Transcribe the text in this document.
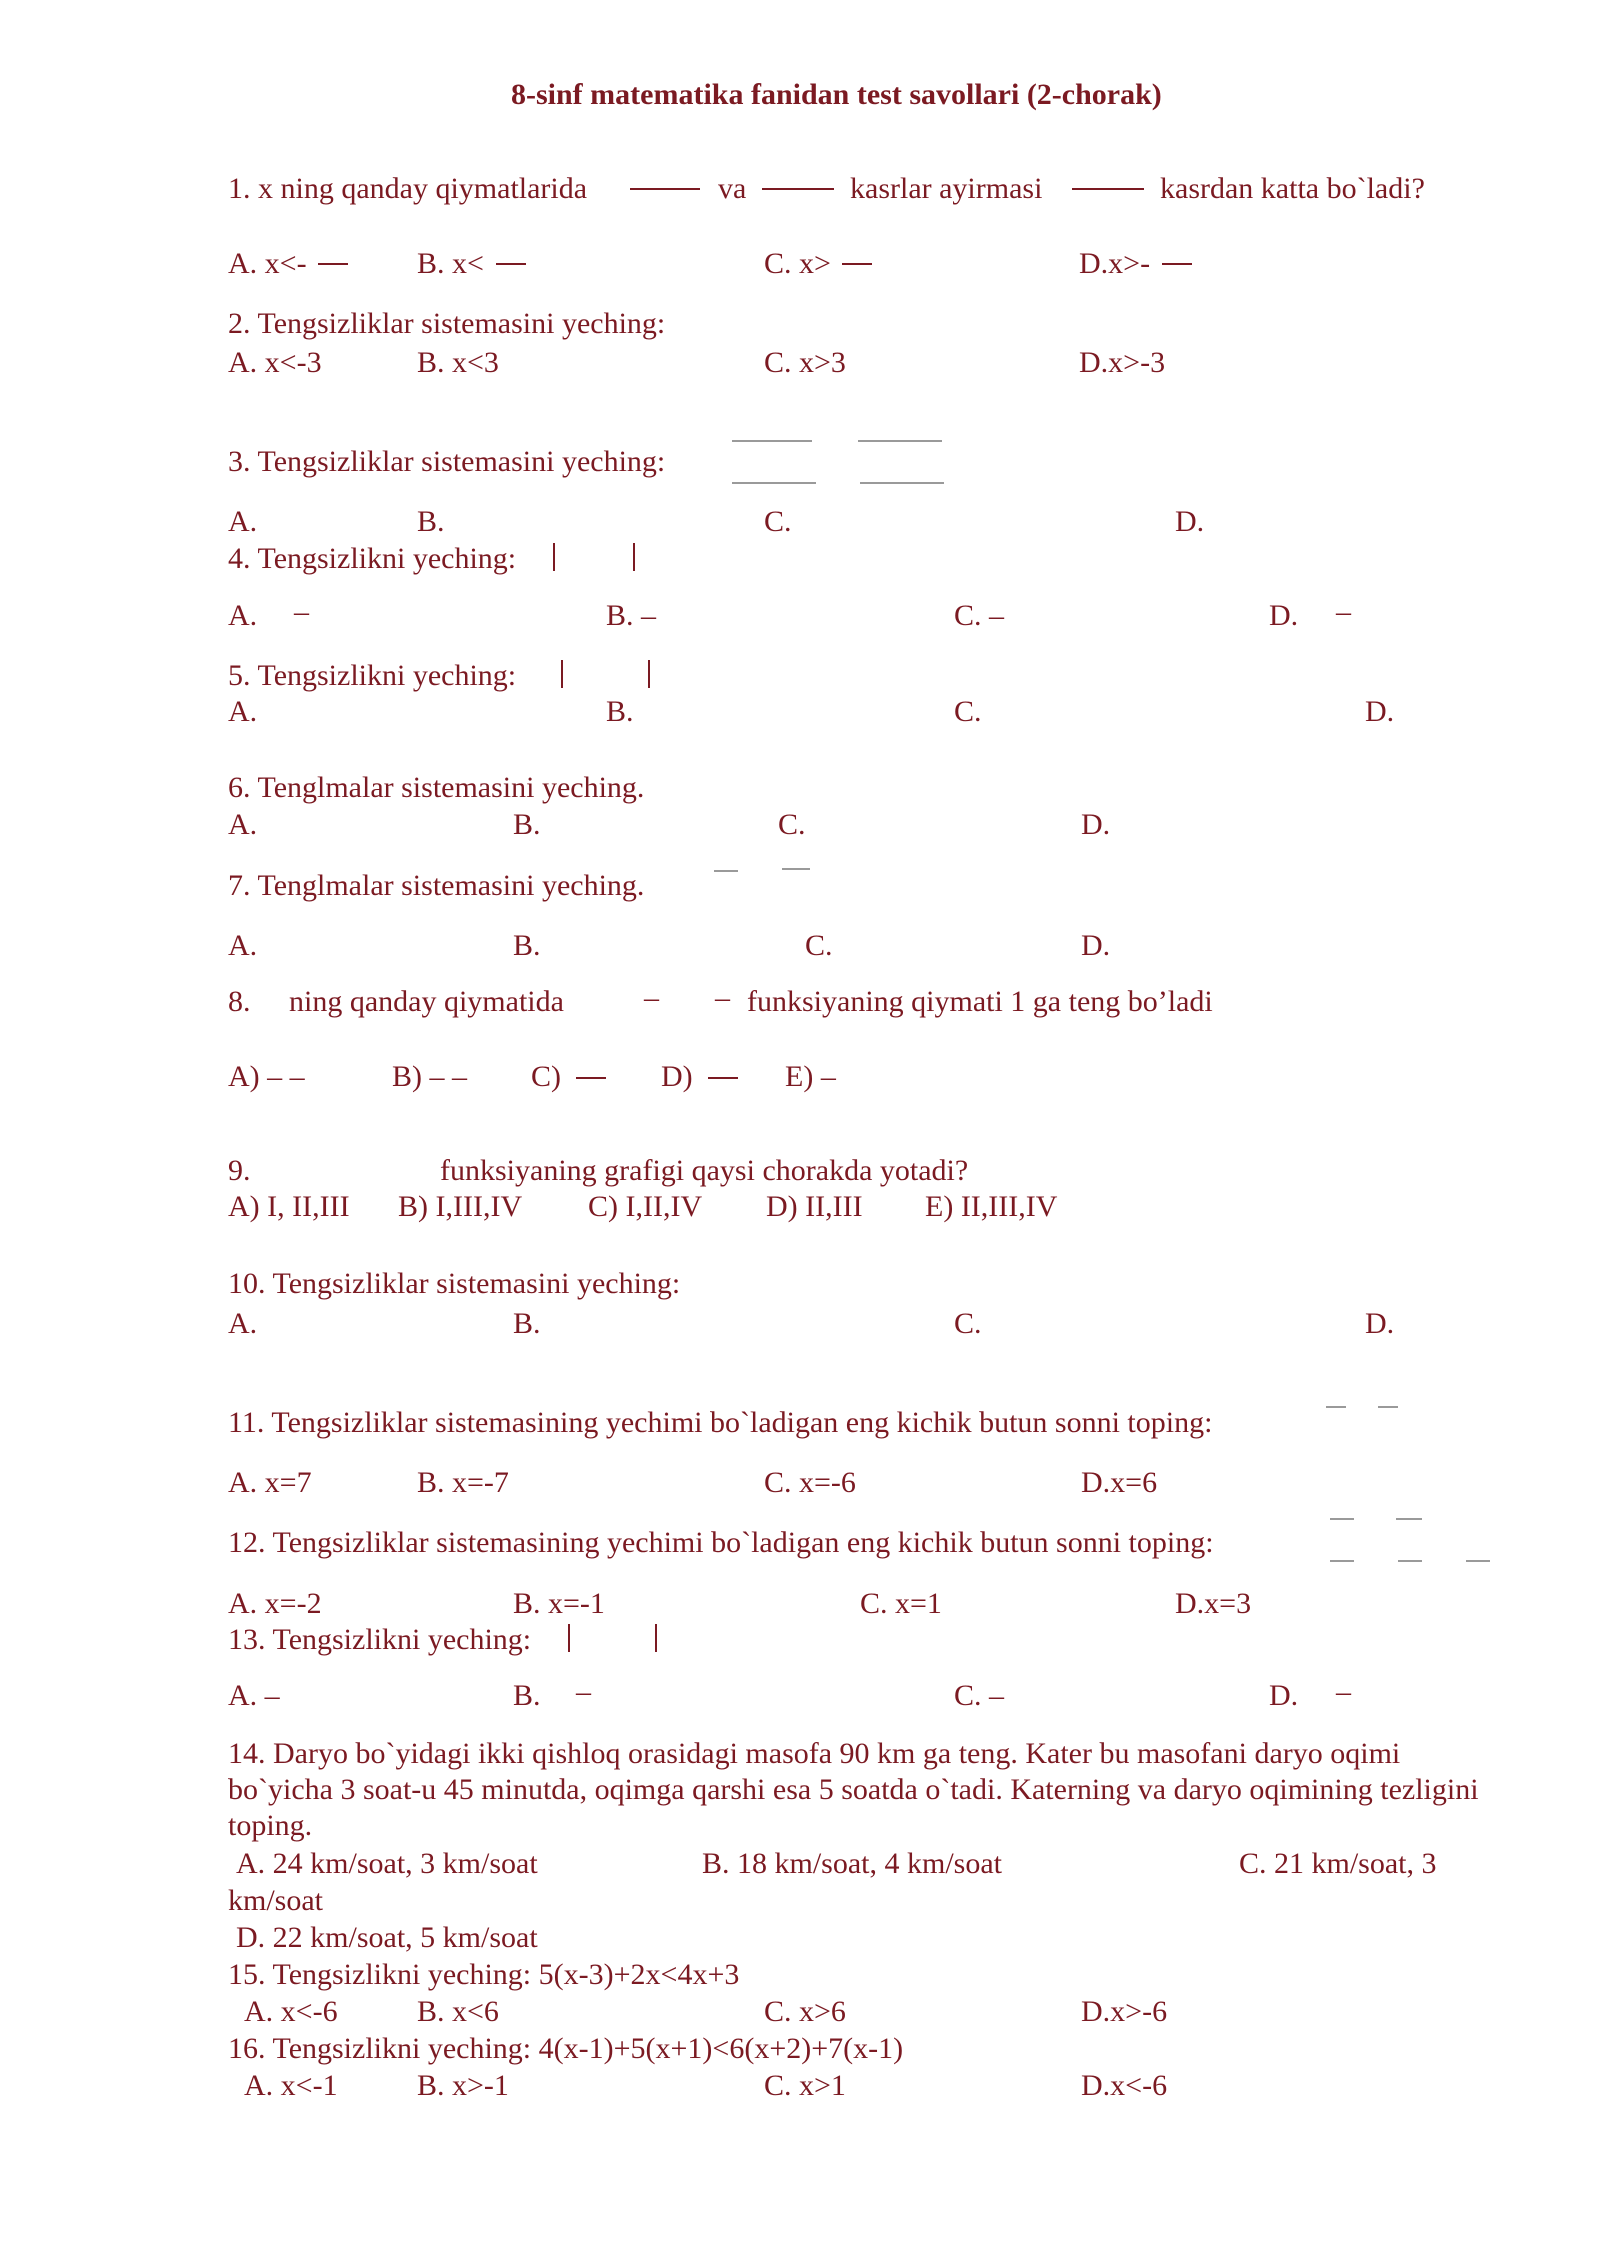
8-sinf matematika fanidan test savollari (2-chorak)
1. x ning qanday qiymatlarida	va	kasrlar ayirmasi	kasrdan katta bo`ladi?
A. x<-	B. x<	C. x>	D.x>-
2. Tengsizliklar sistemasini yeching:
A. x<-3	B. x<3	C. x>3	D.x>-3
3. Tengsizliklar sistemasini yeching:
A.	B.	C.	D.
4. Tengsizlikni yeching:
A. –	B. –	C. –	D. –
5. Tengsizlikni yeching:
A.	B.	C.	D.
6. Tenglmalar sistemasini yeching.
A.	B.	C.	D.
7. Tenglmalar sistemasini yeching.
A.	B.	C.	D.
8. ning qanday qiymatida	– – funksiyaning qiymati 1 ga teng bo’ladi
A) – –	B) – – C)	D)	E) –
9.	funksiyaning grafigi qaysi chorakda yotadi?
A) I, II,III B) I,III,IV C) I,II,IV D) II,III E) II,III,IV
10. Tengsizliklar sistemasini yeching:
A.	B.	C.	D.
11. Tengsizliklar sistemasining yechimi bo`ladigan eng kichik butun sonni toping:
A. x=7	B. x=-7	C. x=-6	D.x=6
12. Tengsizliklar sistemasining yechimi bo`ladigan eng kichik butun sonni toping:
A. x=-2	B. x=-1	C. x=1	D.x=3
13. Tengsizlikni yeching:
A. –	B. –	C. –	D. –
14. Daryo bo`yidagi ikki qishloq orasidagi masofa 90 km ga teng. Kater bu masofani daryo oqimi bo`yicha 3 soat-u 45 minutda, oqimga qarshi esa 5 soatda o`tadi. Katerning va daryo oqimining tezligini toping.
A. 24 km/soat, 3 km/soat	B. 18 km/soat, 4 km/soat	C. 21 km/soat, 3
km/soat
D. 22 km/soat, 5 km/soat
15. Tengsizlikni yeching: 5(x-3)+2x<4x+3
A. x<-6	B. x<6	C. x>6	D.x>-6
16. Tengsizlikni yeching: 4(x-1)+5(x+1)<6(x+2)+7(x-1)
A. x<-1	B. x>-1	C. x>1	D.x<-6
